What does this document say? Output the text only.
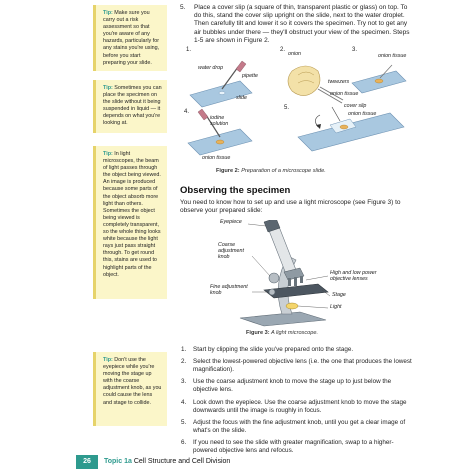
Tip: Make sure you carry out a risk assessment so that you're aware of any hazards, particularly for any stains you're using, before you start preparing your slide.
Tip: Sometimes you can place the specimen on the slide without it being suspended in liquid — it depends on what you're looking at.
Tip: In light microscopes, the beam of light passes through the object being viewed. An image is produced because some parts of the object absorb more light than others. Sometimes the object being viewed is completely transparent, so the whole thing looks white because the light rays just pass straight through. To get round this, stains are used to highlight parts of the object.
Tip: Don't use the eyepiece while you're moving the stage up with the coarse adjustment knob, as you could cause the lens and stage to collide.
5. Place a cover slip (a square of thin, transparent plastic or glass) on top. To do this, stand the cover slip upright on the slide, next to the water droplet. Then carefully tilt and lower it so it covers the specimen. Try not to get any air bubbles under there — they'll obstruct your view of the specimen. Steps 1-5 are shown in Figure 2.
1.	2.	3.
4.
5.
water drop
pipette
slide
onion
tweezers
onion tissue
onion tissue
iodine solution
cover slip
onion tissue
onion tissue
Figure 2: Preparation of a microscope slide.
Observing the specimen
You need to know how to set up and use a light microscope (see Figure 3) to observe your prepared slide:
Eyepiece
Coarse adjustment knob
Fine adjustment knob
High and low power objective lenses
Stage
Light
Figure 3: A light microscope.
1. Start by clipping the slide you've prepared onto the stage.
2. Select the lowest-powered objective lens (i.e. the one that produces the lowest magnification).
3. Use the coarse adjustment knob to move the stage up to just below the objective lens.
4. Look down the eyepiece. Use the coarse adjustment knob to move the stage downwards until the image is roughly in focus.
5. Adjust the focus with the fine adjustment knob, until you get a clear image of what's on the slide.
6. If you need to see the slide with greater magnification, swap to a higher-powered objective lens and refocus.
26	Topic 1a Cell Structure and Cell Division
